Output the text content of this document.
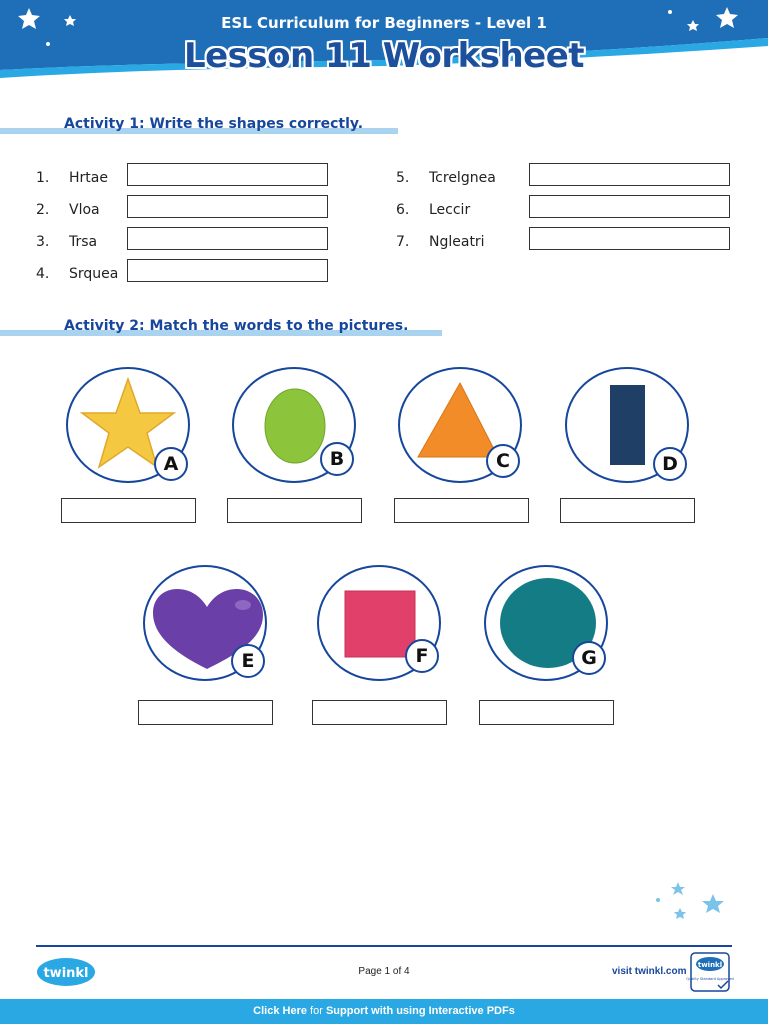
ESL Curriculum for Beginners - Level 1
Lesson 11 Worksheet
Activity 1: Write the shapes correctly.
1. Hrtae
2. Vloa
3. Trsa
4. Srquea
5. Tcrelgnea
6. Leccir
7. Ngleatri
Activity 2: Match the words to the pictures.
A	B	C	D
E	F	G
twinkl	Page 1 of 4	visit twinkl.com
twinkl
Quality Standard Approved
Click Here for Support with using Interactive PDFs
